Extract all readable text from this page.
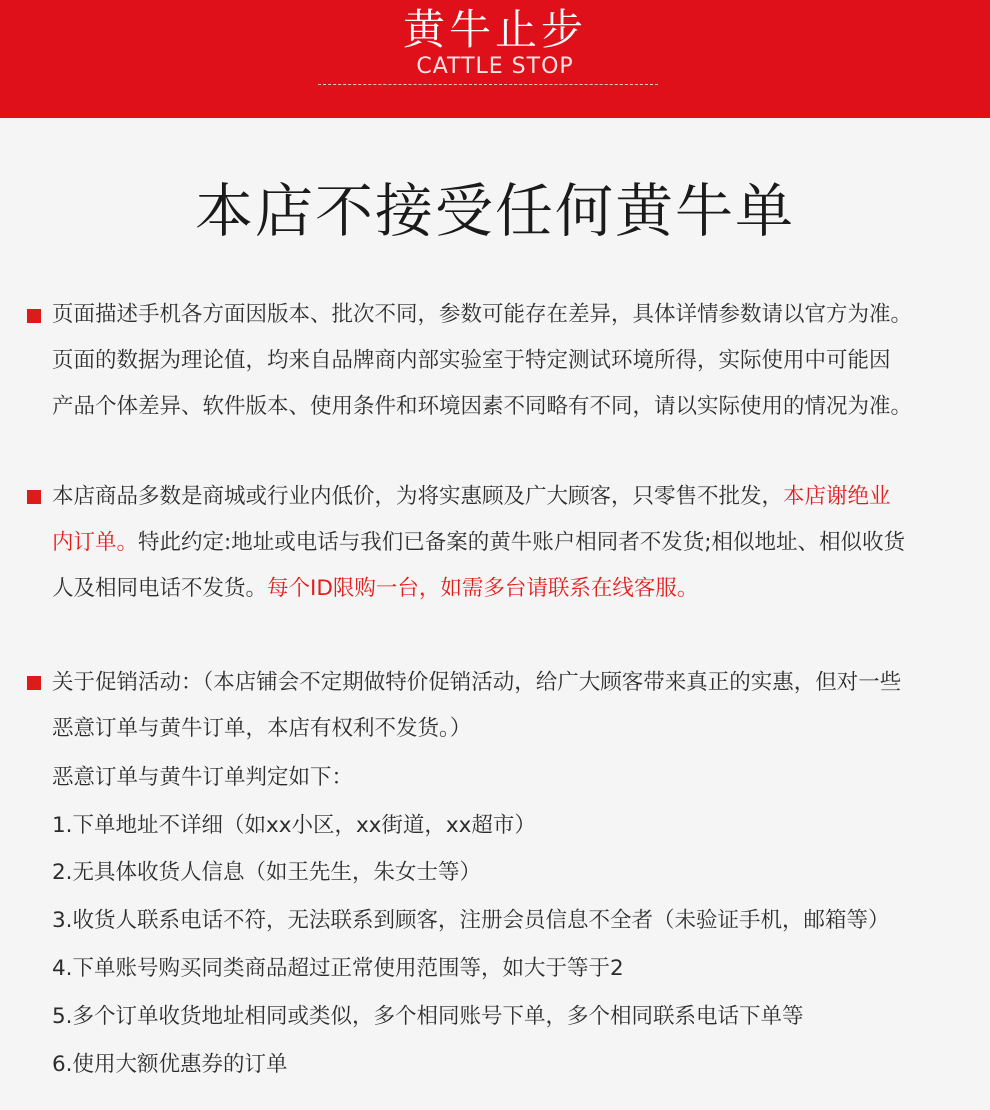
黄牛止步
CATTLE STOP
本店不接受任何黄牛单
页面描述手机各方面因版本、批次不同，参数可能存在差异，具体详情参数请以官方为准。
页面的数据为理论值，均来自品牌商内部实验室于特定测试环境所得，实际使用中可能因
产品个体差异、软件版本、使用条件和环境因素不同略有不同，请以实际使用的情况为准。
本店商品多数是商城或行业内低价，为将实惠顾及广大顾客，只零售不批发，本店谢绝业
内订单。特此约定:地址或电话与我们已备案的黄牛账户相同者不发货;相似地址、相似收货
人及相同电话不发货。每个ID限购一台，如需多台请联系在线客服。
关于促销活动：（本店铺会不定期做特价促销活动，给广大顾客带来真正的实惠，但对一些
恶意订单与黄牛订单，本店有权利不发货。）
恶意订单与黄牛订单判定如下：
1.下单地址不详细（如xx小区，xx街道，xx超市）
2.无具体收货人信息（如王先生，朱女士等）
3.收货人联系电话不符，无法联系到顾客，注册会员信息不全者（未验证手机，邮箱等）
4.下单账号购买同类商品超过正常使用范围等，如大于等于2
5.多个订单收货地址相同或类似，多个相同账号下单，多个相同联系电话下单等
6.使用大额优惠券的订单
